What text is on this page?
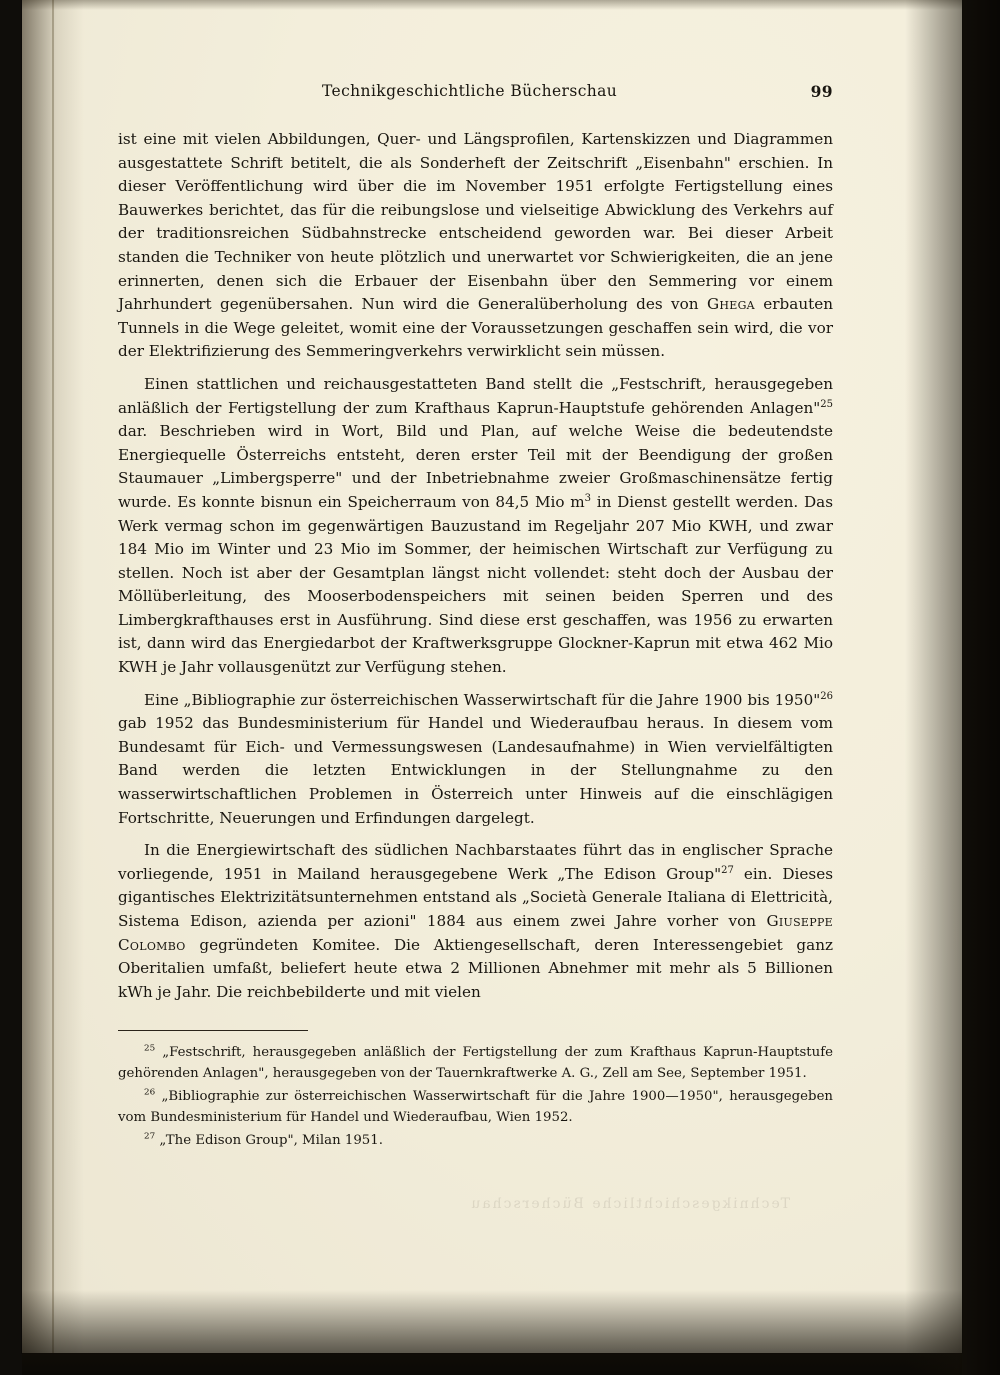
Technikgeschichtliche Bücherschau	99

ist eine mit vielen Abbildungen, Quer- und Längsprofilen, Kartenskizzen und Diagrammen ausgestattete Schrift betitelt, die als Sonderheft der Zeitschrift „Eisenbahn" erschien. In dieser Veröffentlichung wird über die im November 1951 erfolgte Fertigstellung eines Bauwerkes berichtet, das für die reibungslose und vielseitige Abwicklung des Verkehrs auf der traditionsreichen Südbahnstrecke entscheidend geworden war. Bei dieser Arbeit standen die Techniker von heute plötzlich und unerwartet vor Schwierigkeiten, die an jene erinnerten, denen sich die Erbauer der Eisenbahn über den Semmering vor einem Jahrhundert gegenübersahen. Nun wird die Generalüberholung des von Ghega erbauten Tunnels in die Wege geleitet, womit eine der Voraussetzungen geschaffen sein wird, die vor der Elektrifizierung des Semmeringverkehrs verwirklicht sein müssen.

Einen stattlichen und reichausgestatteten Band stellt die „Festschrift, herausgegeben anläßlich der Fertigstellung der zum Krafthaus Kaprun-Hauptstufe gehörenden Anlagen"$^{25}$ dar. Beschrieben wird in Wort, Bild und Plan, auf welche Weise die bedeutendste Energiequelle Österreichs entsteht, deren erster Teil mit der Beendigung der großen Staumauer „Limbergsperre" und der Inbetriebnahme zweier Großmaschinensätze fertig wurde. Es konnte bisnun ein Speicherraum von 84,5 Mio m$^3$ in Dienst gestellt werden. Das Werk vermag schon im gegenwärtigen Bauzustand im Regeljahr 207 Mio KWH, und zwar 184 Mio im Winter und 23 Mio im Sommer, der heimischen Wirtschaft zur Verfügung zu stellen. Noch ist aber der Gesamtplan längst nicht vollendet: steht doch der Ausbau der Möllüberleitung, des Mooserbodenspeichers mit seinen beiden Sperren und des Limbergkrafthauses erst in Ausführung. Sind diese erst geschaffen, was 1956 zu erwarten ist, dann wird das Energiedarbot der Kraftwerksgruppe Glockner-Kaprun mit etwa 462 Mio KWH je Jahr vollausgenützt zur Verfügung stehen.

Eine „Bibliographie zur österreichischen Wasserwirtschaft für die Jahre 1900 bis 1950"$^{26}$ gab 1952 das Bundesministerium für Handel und Wiederaufbau heraus. In diesem vom Bundesamt für Eich- und Vermessungswesen (Landesaufnahme) in Wien vervielfältigten Band werden die letzten Entwicklungen in der Stellungnahme zu den wasserwirtschaftlichen Problemen in Österreich unter Hinweis auf die einschlägigen Fortschritte, Neuerungen und Erfindungen dargelegt.

In die Energiewirtschaft des südlichen Nachbarstaates führt das in englischer Sprache vorliegende, 1951 in Mailand herausgegebene Werk „The Edison Group"$^{27}$ ein. Dieses gigantisches Elektrizitätsunternehmen entstand als „Società Generale Italiana di Elettricità, Sistema Edison, azienda per azioni" 1884 aus einem zwei Jahre vorher von Giuseppe Colombo gegründeten Komitee. Die Aktiengesellschaft, deren Interessengebiet ganz Oberitalien umfaßt, beliefert heute etwa 2 Millionen Abnehmer mit mehr als 5 Billionen kWh je Jahr. Die reichbebilderte und mit vielen

$^{25}$ „Festschrift, herausgegeben anläßlich der Fertigstellung der zum Krafthaus Kaprun-Hauptstufe gehörenden Anlagen", herausgegeben von der Tauernkraftwerke A. G., Zell am See, September 1951.

$^{26}$ „Bibliographie zur österreichischen Wasserwirtschaft für die Jahre 1900—1950", herausgegeben vom Bundesministerium für Handel und Wiederaufbau, Wien 1952.

$^{27}$ „The Edison Group", Milan 1951.
